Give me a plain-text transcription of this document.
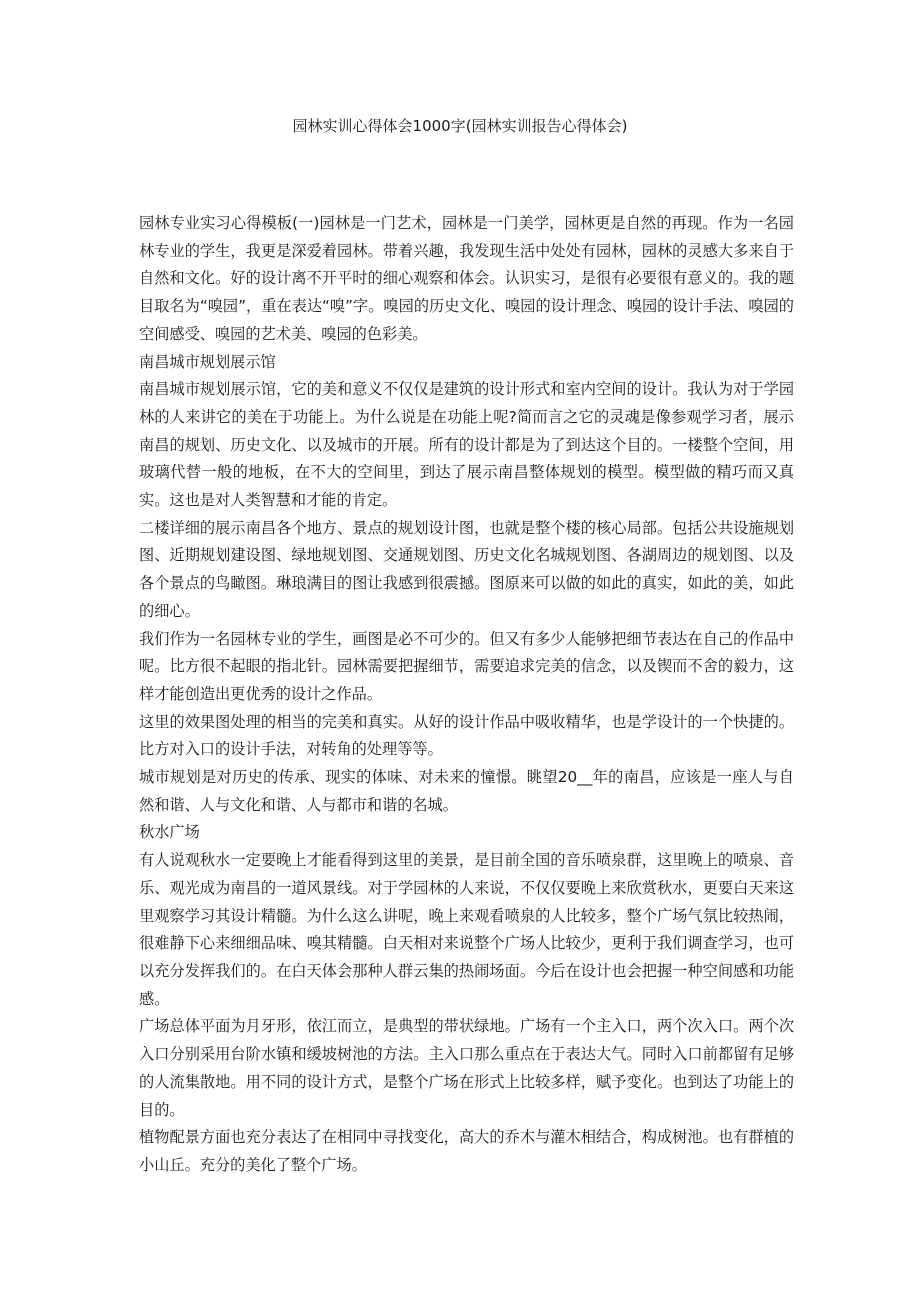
园林实训心得体会1000字(园林实训报告心得体会)

园林专业实习心得模板(一)园林是一门艺术，园林是一门美学，园林更是自然的再现。作为一名园林专业的学生，我更是深爱着园林。带着兴趣，我发现生活中处处有园林，园林的灵感大多来自于自然和文化。好的设计离不开平时的细心观察和体会。认识实习，是很有必要很有意义的。我的题目取名为“嗅园”，重在表达“嗅”字。嗅园的历史文化、嗅园的设计理念、嗅园的设计手法、嗅园的空间感受、嗅园的艺术美、嗅园的色彩美。

南昌城市规划展示馆

南昌城市规划展示馆，它的美和意义不仅仅是建筑的设计形式和室内空间的设计。我认为对于学园林的人来讲它的美在于功能上。为什么说是在功能上呢?简而言之它的灵魂是像参观学习者，展示南昌的规划、历史文化、以及城市的开展。所有的设计都是为了到达这个目的。一楼整个空间，用玻璃代替一般的地板，在不大的空间里，到达了展示南昌整体规划的模型。模型做的精巧而又真实。这也是对人类智慧和才能的肯定。

二楼详细的展示南昌各个地方、景点的规划设计图，也就是整个楼的核心局部。包括公共设施规划图、近期规划建设图、绿地规划图、交通规划图、历史文化名城规划图、各湖周边的规划图、以及各个景点的鸟瞰图。琳琅满目的图让我感到很震撼。图原来可以做的如此的真实，如此的美，如此的细心。

我们作为一名园林专业的学生，画图是必不可少的。但又有多少人能够把细节表达在自己的作品中呢。比方很不起眼的指北针。园林需要把握细节，需要追求完美的信念，以及锲而不舍的毅力，这样才能创造出更优秀的设计之作品。

这里的效果图处理的相当的完美和真实。从好的设计作品中吸收精华，也是学设计的一个快捷的。比方对入口的设计手法，对转角的处理等等。

城市规划是对历史的传承、现实的体味、对未来的憧憬。眺望20__年的南昌，应该是一座人与自然和谐、人与文化和谐、人与都市和谐的名城。

秋水广场

有人说观秋水一定要晚上才能看得到这里的美景，是目前全国的音乐喷泉群，这里晚上的喷泉、音乐、观光成为南昌的一道风景线。对于学园林的人来说，不仅仅要晚上来欣赏秋水，更要白天来这里观察学习其设计精髓。为什么这么讲呢，晚上来观看喷泉的人比较多，整个广场气氛比较热闹，很难静下心来细细品味、嗅其精髓。白天相对来说整个广场人比较少，更利于我们调查学习，也可以充分发挥我们的。在白天体会那种人群云集的热闹场面。今后在设计也会把握一种空间感和功能感。

广场总体平面为月牙形，依江而立，是典型的带状绿地。广场有一个主入口，两个次入口。两个次入口分别采用台阶水镇和缓坡树池的方法。主入口那么重点在于表达大气。同时入口前都留有足够的人流集散地。用不同的设计方式，是整个广场在形式上比较多样，赋予变化。也到达了功能上的目的。

植物配景方面也充分表达了在相同中寻找变化，高大的乔木与灌木相结合，构成树池。也有群植的小山丘。充分的美化了整个广场。
